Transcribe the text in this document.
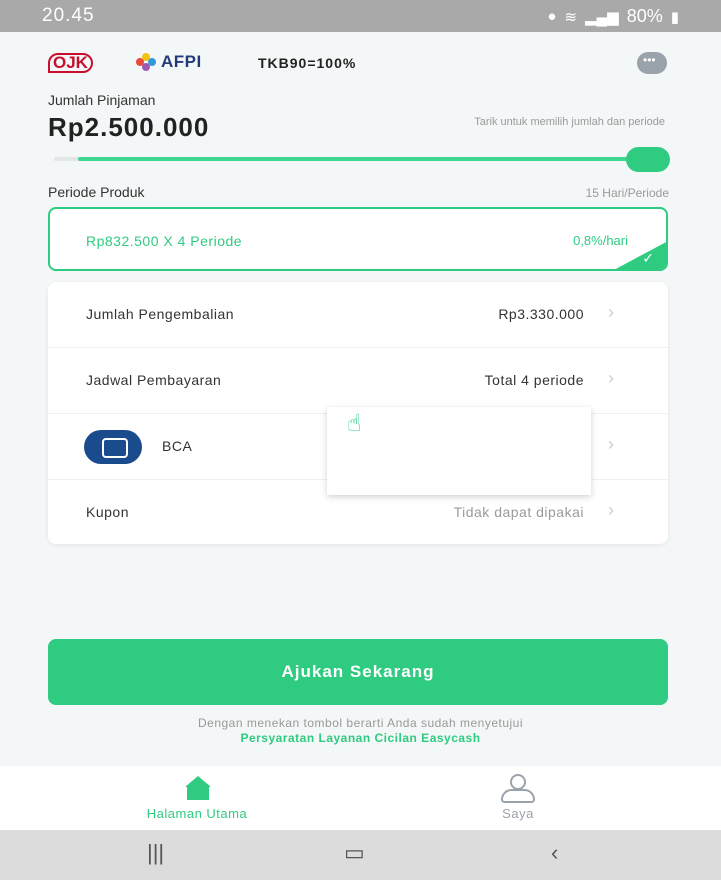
20.45	● ≋ ▂▄▆ 80% ▮
OJK	AFPI	TKB90=100%
•••
Jumlah Pinjaman
Rp2.500.000	Tarik untuk memilih jumlah dan periode
Periode Produk	15 Hari/Periode
Rp832.500 X 4 Periode	0,8%/hari
✓
Jumlah Pengembalian	Rp3.330.000 ›
Jadwal Pembayaran	Total 4 periode ›
BCA	›
Kupon	Tidak dapat dipakai ›
☝
Ajukan Sekarang
Dengan menekan tombol berarti Anda sudah menyetujui
Persyaratan Layanan Cicilan Easycash
Halaman Utama	Saya
|||	▭	‹
